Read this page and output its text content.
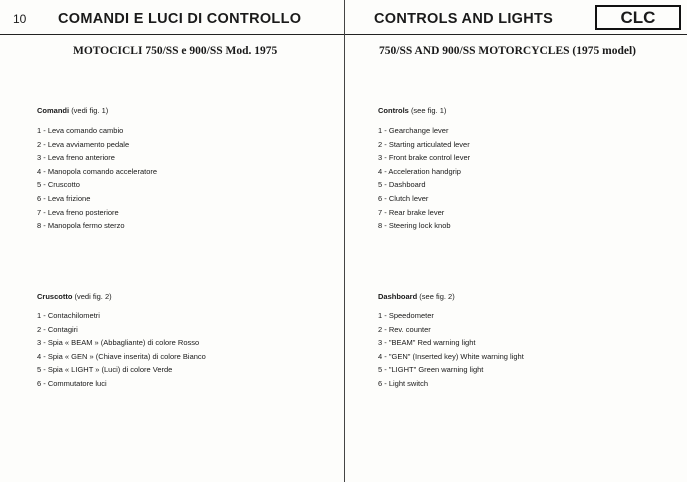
10 COMANDI E LUCI DI CONTROLLO	CONTROLS AND LIGHTS	CLC
MOTOCICLI 750/SS e 900/SS Mod. 1975	750/SS AND 900/SS MOTORCYCLES (1975 model)
Comandi (vedi fig. 1)
1 - Leva comando cambio
2 - Leva avviamento pedale
3 - Leva freno anteriore
4 - Manopola comando acceleratore
5 - Cruscotto
6 - Leva frizione
7 - Leva freno posteriore
8 - Manopola fermo sterzo
Cruscotto (vedi fig. 2)
1 - Contachilometri
2 - Contagiri
3 - Spia « BEAM » (Abbagliante) di colore Rosso
4 - Spia « GEN » (Chiave inserita) di colore Bianco
5 - Spia « LIGHT » (Luci) di colore Verde
6 - Commutatore luci
Controls (see fig. 1)
1 - Gearchange lever
2 - Starting articulated lever
3 - Front brake control lever
4 - Acceleration handgrip
5 - Dashboard
6 - Clutch lever
7 - Rear brake lever
8 - Steering lock knob
Dashboard (see fig. 2)
1 - Speedometer
2 - Rev. counter
3 - "BEAM" Red warning light
4 - "GEN" (Inserted key) White warning light
5 - "LIGHT" Green warning light
6 - Light switch
